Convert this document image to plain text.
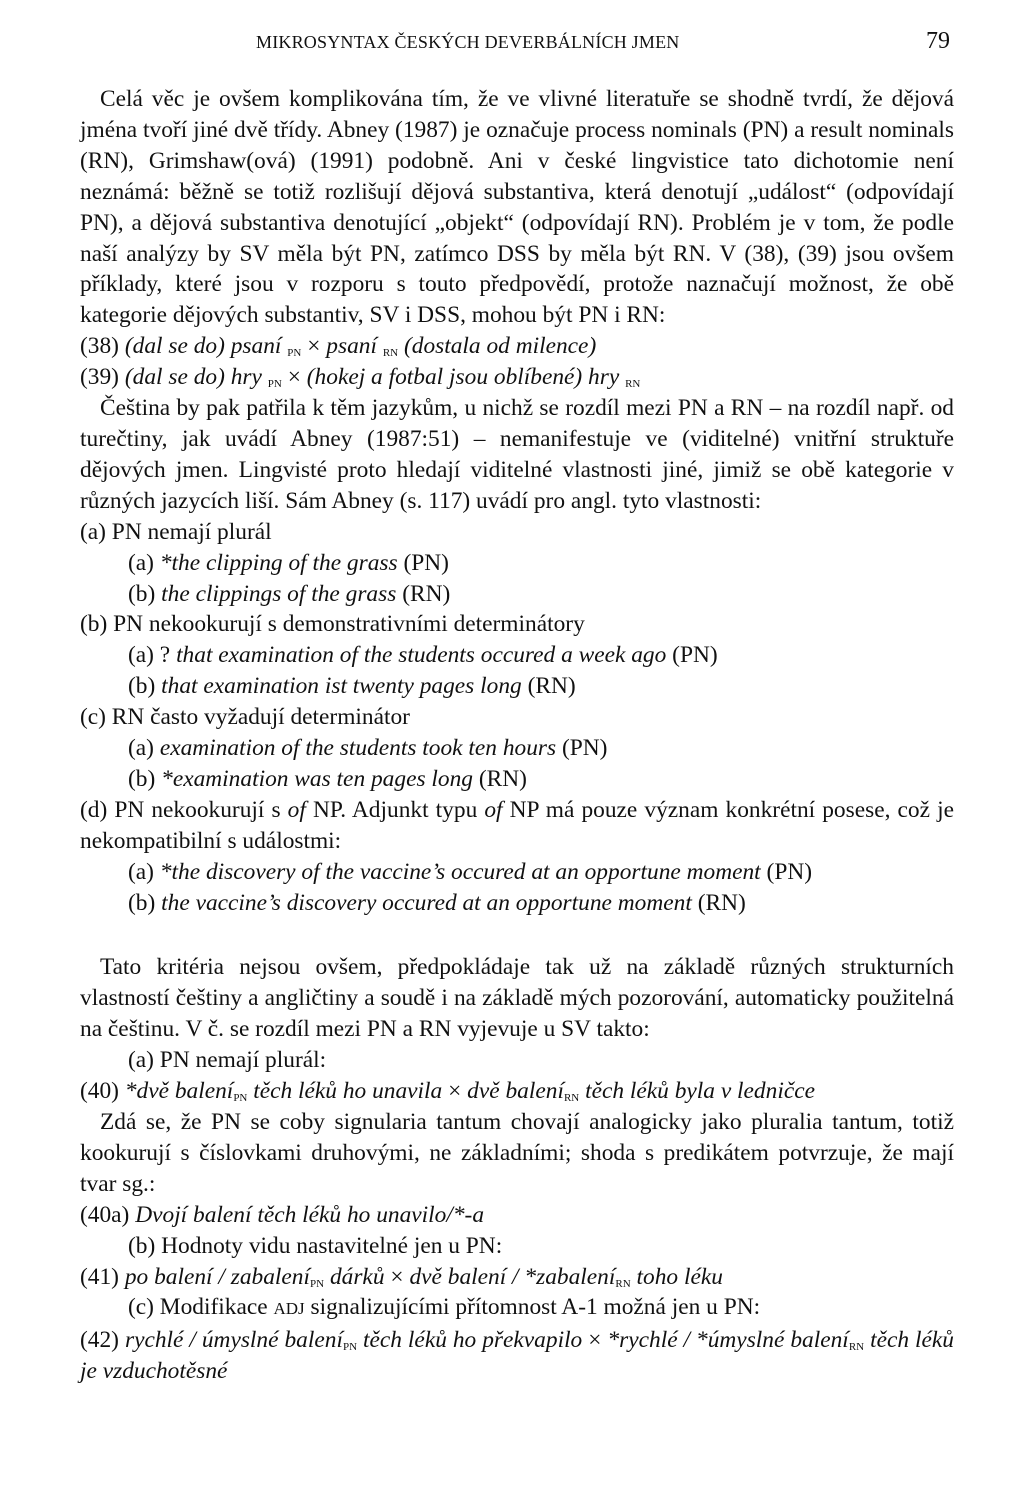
MIKROSYNTAX ČESKÝCH DEVERBÁLNÍCH JMEN	79

Celá věc je ovšem komplikována tím, že ve vlivné literatuře se shodně tvrdí, že dějová jména tvoří jiné dvě třídy. Abney (1987) je označuje process nominals (PN) a result nominals (RN), Grimshaw(ová) (1991) podobně. Ani v české lingvistice tato dichotomie není neznámá: běžně se totiž rozlišují dějová substantiva, která denotují „událost“ (odpovídají PN), a dějová substantiva denotující „objekt“ (odpovídají RN). Problém je v tom, že podle naší analýzy by SV měla být PN, zatímco DSS by měla být RN. V (38), (39) jsou ovšem příklady, které jsou v rozporu s touto předpovědí, protože naznačují možnost, že obě kategorie dějových substantiv, SV i DSS, mohou být PN i RN:

(38) (dal se do) psaní $_{PN}$ × psaní $_{RN}$ (dostala od milence)
(39) (dal se do) hry $_{PN}$ × (hokej a fotbal jsou oblíbené) hry $_{RN}$

Čeština by pak patřila k těm jazykům, u nichž se rozdíl mezi PN a RN – na rozdíl např. od turečtiny, jak uvádí Abney (1987:51) – nemanifestuje ve (viditelné) vnitřní struktuře dějových jmen. Lingvisté proto hledají viditelné vlastnosti jiné, jimiž se obě kategorie v různých jazycích liší. Sám Abney (s. 117) uvádí pro angl. tyto vlastnosti:

(a) PN nemají plurál
(a) *the clipping of the grass (PN)
(b) the clippings of the grass (RN)
(b) PN nekookurují s demonstrativními determinátory
(a) ? that examination of the students occured a week ago (PN)
(b) that examination ist twenty pages long (RN)
(c) RN často vyžadují determinátor
(a) examination of the students took ten hours (PN)
(b) *examination was ten pages long (RN)

(d) PN nekookurují s of NP. Adjunkt typu of NP má pouze význam konkrétní posese, což je nekompatibilní s událostmi:

(a) *the discovery of the vaccine’s occured at an opportune moment (PN)
(b) the vaccine’s discovery occured at an opportune moment (RN)

Tato kritéria nejsou ovšem, předpokládaje tak už na základě různých strukturních vlastností češtiny a angličtiny a soudě i na základě mých pozorování, automaticky použitelná na češtinu. V č. se rozdíl mezi PN a RN vyjevuje u SV takto:

(a) PN nemají plurál:
(40) *dvě balení$_{PN}$ těch léků ho unavila × dvě balení$_{RN}$ těch léků byla v ledničce

Zdá se, že PN se coby signularia tantum chovají analogicky jako pluralia tantum, totiž kookurují s číslovkami druhovými, ne základními; shoda s predikátem potvrzuje, že mají tvar sg.:

(40a) Dvojí balení těch léků ho unavilo/*-a
(b) Hodnoty vidu nastavitelné jen u PN:
(41) po balení / zabalení$_{PN}$ dárků × dvě balení / *zabalení$_{RN}$ toho léku
(c) Modifikace ADJ signalizujícími přítomnost A-1 možná jen u PN:

(42) rychlé / úmyslné balení$_{PN}$ těch léků ho překvapilo × *rychlé / *úmyslné balení$_{RN}$ těch léků je vzduchotěsné
